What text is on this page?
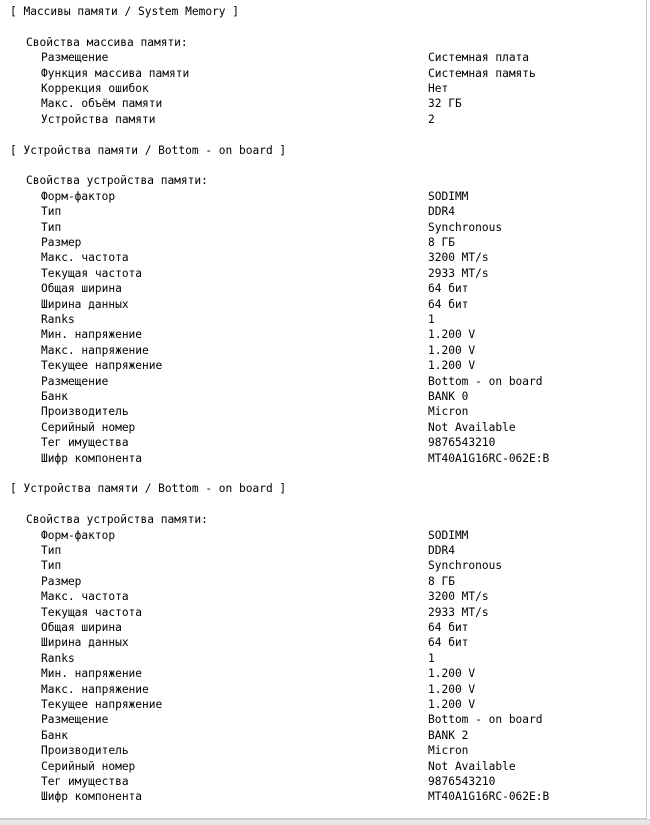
[ Массивы памяти / System Memory ]
Свойства массива памяти:
Размещение	Системная плата
Функция массива памяти	Системная память
Коррекция ошибок	Нет
Макс. объём памяти	32 ГБ
Устройства памяти	2
[ Устройства памяти / Bottom - on board ]
Свойства устройства памяти:
Форм-фактор	SODIMM
Тип	DDR4
Тип	Synchronous
Размер	8 ГБ
Макс. частота	3200 MT/s
Текущая частота	2933 MT/s
Общая ширина	64 бит
Ширина данных	64 бит
Ranks	1
Мин. напряжение	1.200 V
Макс. напряжение	1.200 V
Текущее напряжение	1.200 V
Размещение	Bottom - on board
Банк	BANK 0
Производитель	Micron
Серийный номер	Not Available
Тег имущества	9876543210
Шифр компонента	MT40A1G16RC-062E:B
[ Устройства памяти / Bottom - on board ]
Свойства устройства памяти:
Форм-фактор	SODIMM
Тип	DDR4
Тип	Synchronous
Размер	8 ГБ
Макс. частота	3200 MT/s
Текущая частота	2933 MT/s
Общая ширина	64 бит
Ширина данных	64 бит
Ranks	1
Мин. напряжение	1.200 V
Макс. напряжение	1.200 V
Текущее напряжение	1.200 V
Размещение	Bottom - on board
Банк	BANK 2
Производитель	Micron
Серийный номер	Not Available
Тег имущества	9876543210
Шифр компонента	MT40A1G16RC-062E:B
